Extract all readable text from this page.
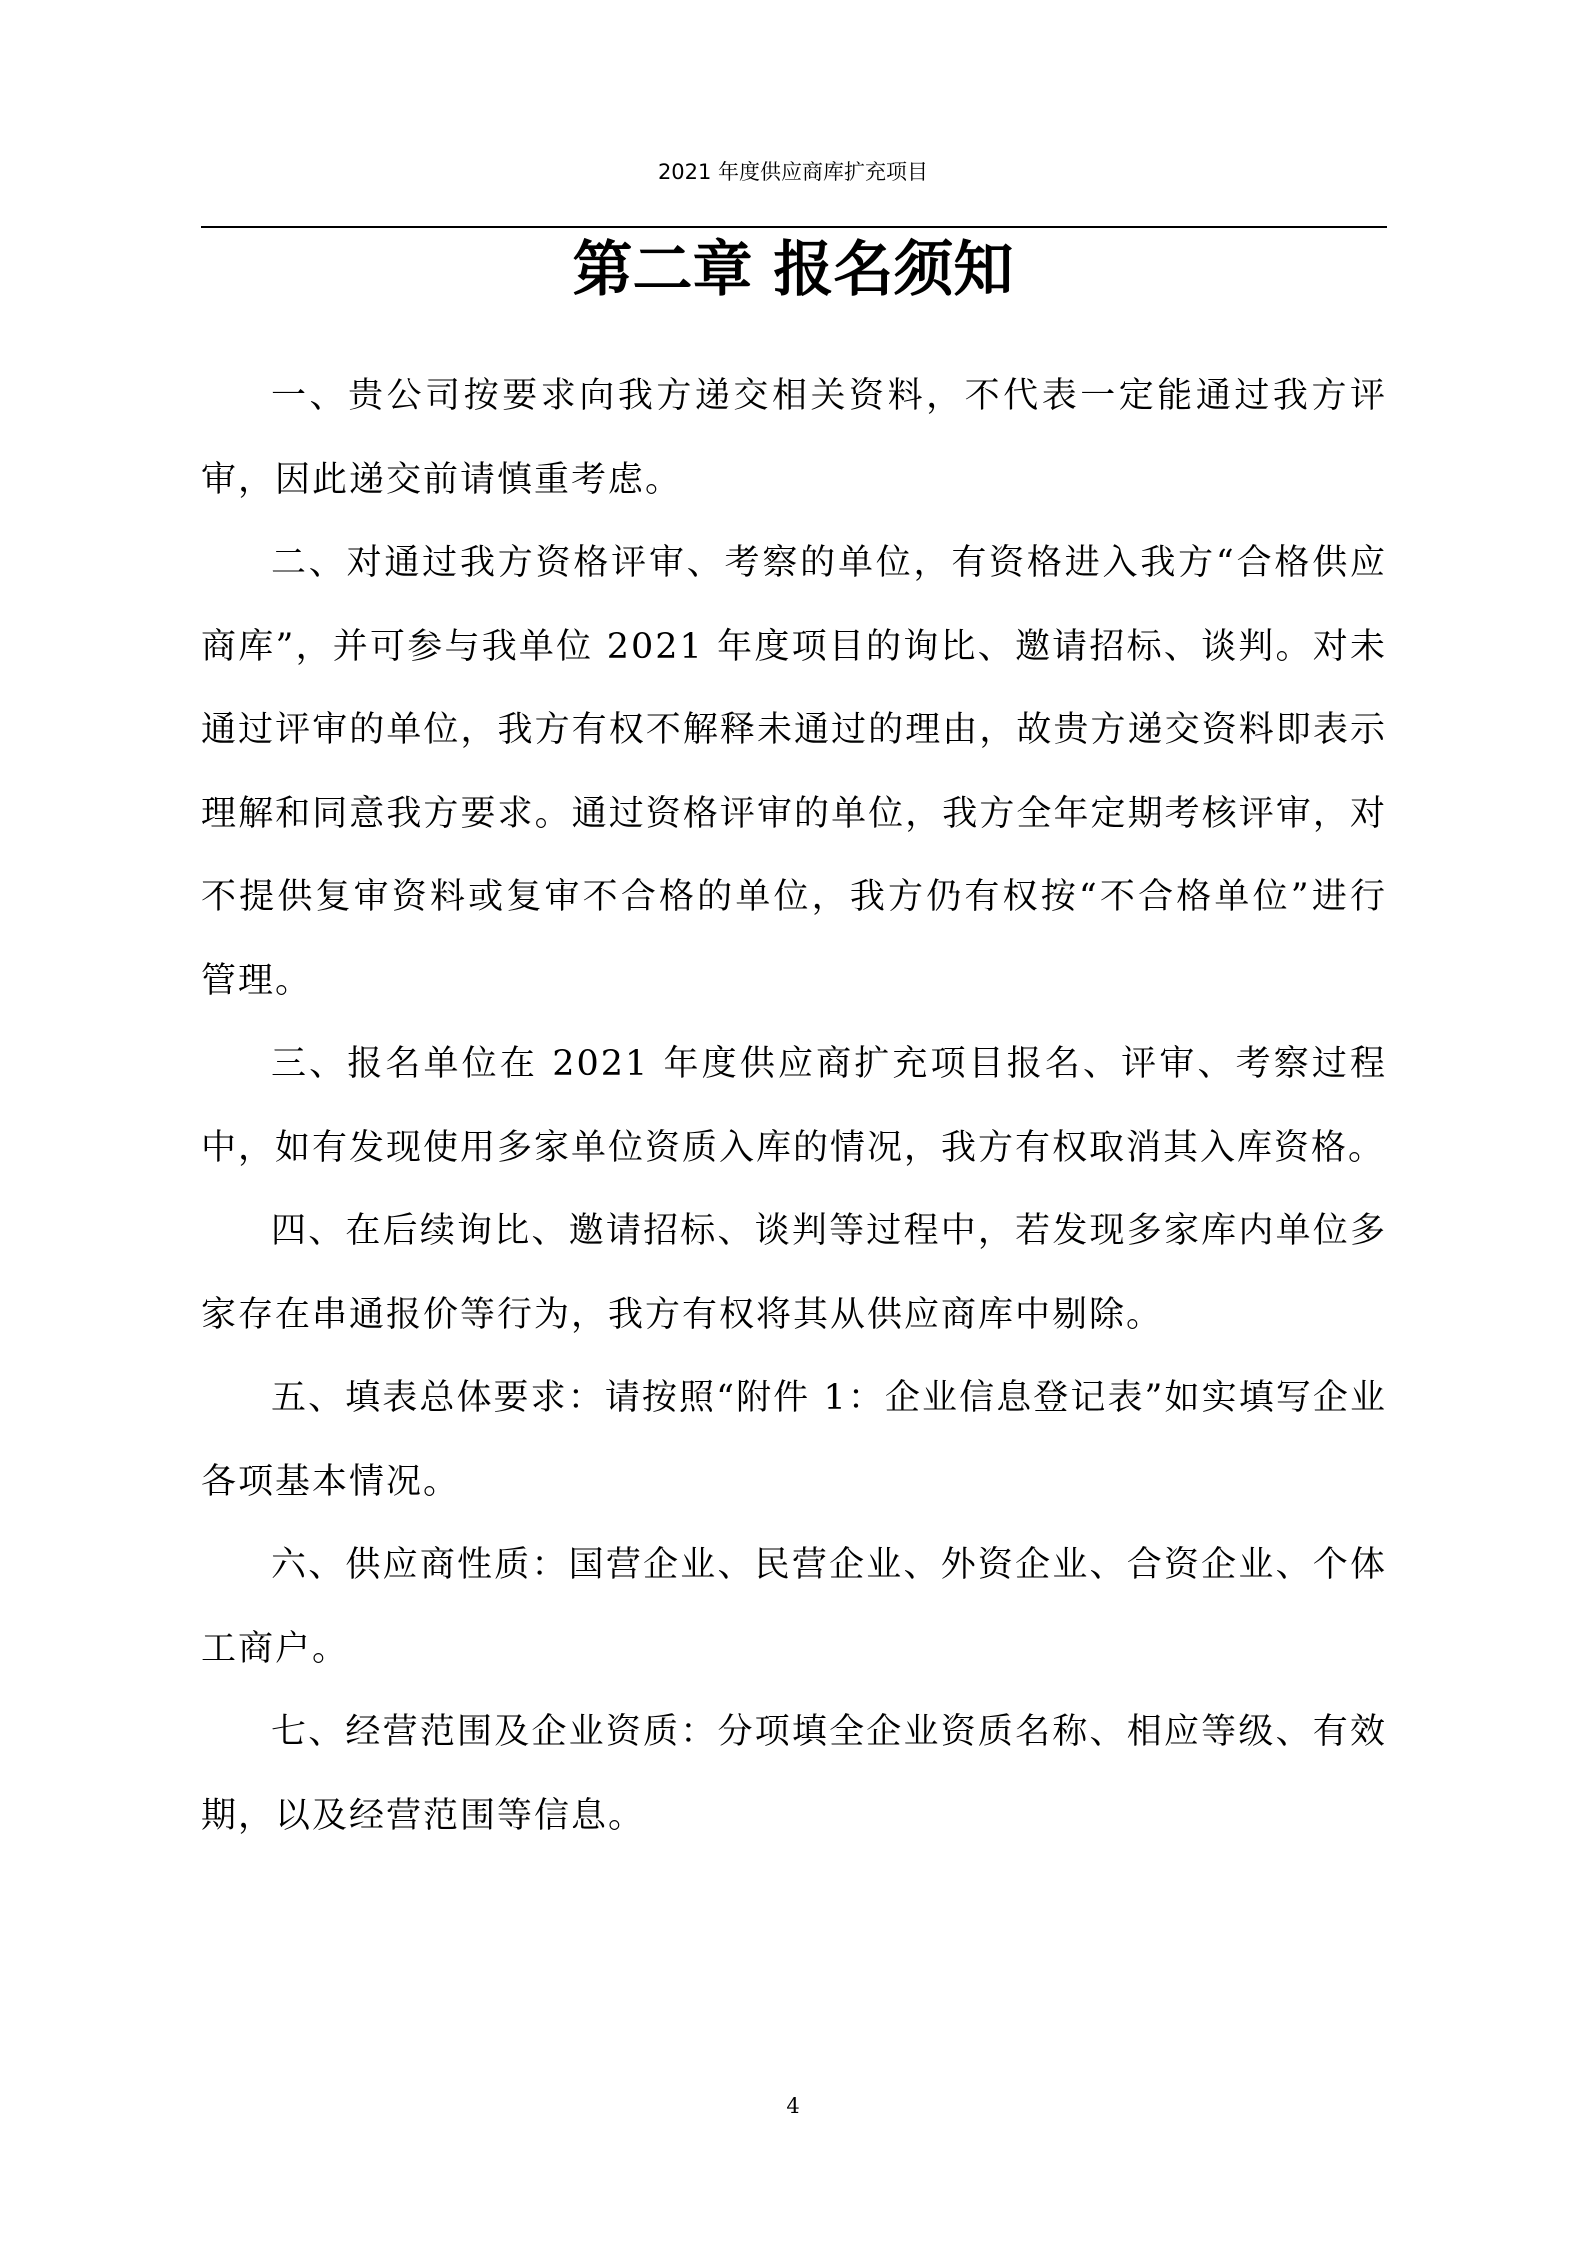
2021 年度供应商库扩充项目
第二章 报名须知

一、贵公司按要求向我方递交相关资料，不代表一定能通过我方评审，因此递交前请慎重考虑。

二、对通过我方资格评审、考察的单位，有资格进入我方“合格供应商库”，并可参与我单位 2021 年度项目的询比、邀请招标、谈判。对未通过评审的单位，我方有权不解释未通过的理由，故贵方递交资料即表示理解和同意我方要求。通过资格评审的单位，我方全年定期考核评审，对不提供复审资料或复审不合格的单位，我方仍有权按“不合格单位”进行管理。

三、报名单位在 2021 年度供应商扩充项目报名、评审、考察过程中，如有发现使用多家单位资质入库的情况，我方有权取消其入库资格。

四、在后续询比、邀请招标、谈判等过程中，若发现多家库内单位多家存在串通报价等行为，我方有权将其从供应商库中剔除。

五、填表总体要求：请按照“附件 1：企业信息登记表”如实填写企业各项基本情况。

六、供应商性质：国营企业、民营企业、外资企业、合资企业、个体工商户。

七、经营范围及企业资质：分项填全企业资质名称、相应等级、有效期，以及经营范围等信息。

4
